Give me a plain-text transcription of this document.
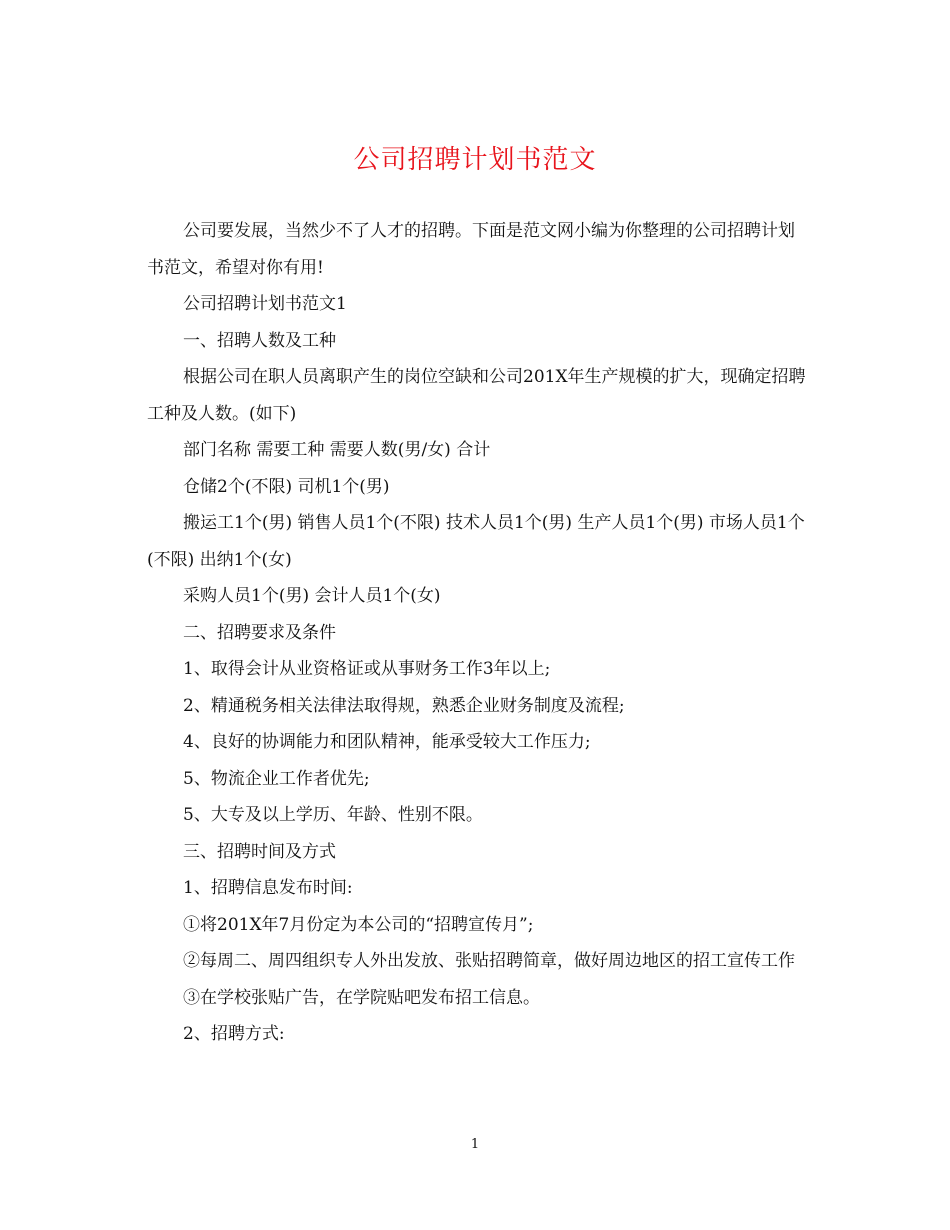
公司招聘计划书范文

公司要发展，当然少不了人才的招聘。下面是范文网小编为你整理的公司招聘计划书范文，希望对你有用!

公司招聘计划书范文1

一、招聘人数及工种

根据公司在职人员离职产生的岗位空缺和公司201X年生产规模的扩大，现确定招聘工种及人数。(如下)

部门名称 需要工种 需要人数(男/女) 合计

仓储2个(不限) 司机1个(男)

搬运工1个(男) 销售人员1个(不限) 技术人员1个(男) 生产人员1个(男) 市场人员1个(不限) 出纳1个(女)

采购人员1个(男) 会计人员1个(女)

二、招聘要求及条件

1、取得会计从业资格证或从事财务工作3年以上;

2、精通税务相关法律法取得规，熟悉企业财务制度及流程;

4、良好的协调能力和团队精神，能承受较大工作压力;

5、物流企业工作者优先;

5、大专及以上学历、年龄、性别不限。

三、招聘时间及方式

1、招聘信息发布时间:

①将201X年7月份定为本公司的“招聘宣传月”;

②每周二、周四组织专人外出发放、张贴招聘简章，做好周边地区的招工宣传工作

③在学校张贴广告，在学院贴吧发布招工信息。

2、招聘方式:

1
